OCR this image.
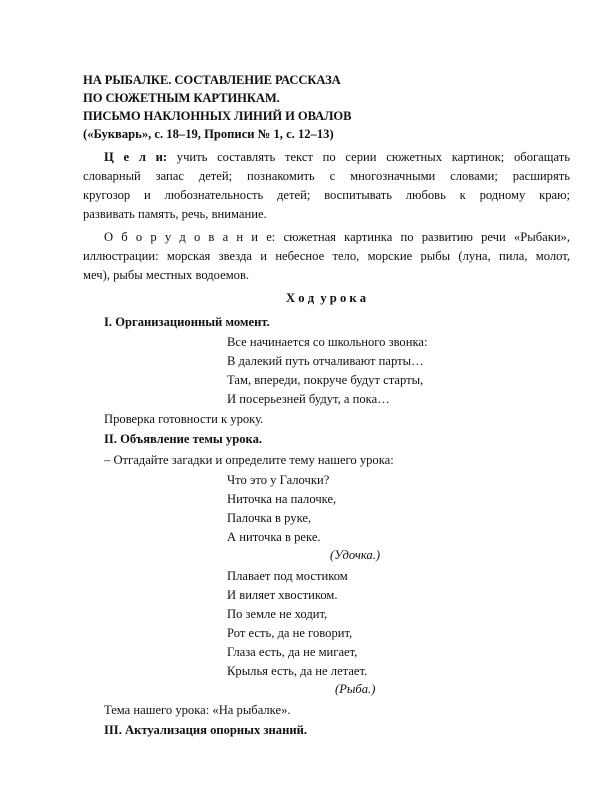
НА РЫБАЛКЕ. СОСТАВЛЕНИЕ РАССКАЗА
ПО СЮЖЕТНЫМ КАРТИНКАМ.
ПИСЬМО НАКЛОННЫХ ЛИНИЙ И ОВАЛОВ
(«Букварь», с. 18–19, Прописи № 1, с. 12–13)
Ц е л и: учить составлять текст по серии сюжетных картинок; обогащать
словарный запас детей; познакомить с многозначными словами; расширять
кругозор и любознательность детей; воспитывать любовь к родному краю;
развивать память, речь, внимание.
О б о р у д о в а н и е: сюжетная картинка по развитию речи «Рыбаки»,
иллюстрации: морская звезда и небесное тело, морские рыбы (луна, пила, молот,
меч), рыбы местных водоемов.
Х о д  у р о к а
I. Организационный момент.
Все начинается со школьного звонка:
В далекий путь отчаливают парты…
Там, впереди, покруче будут старты,
И посерьезней будут, а пока…
Проверка готовности к уроку.
II. Объявление темы урока.
– Отгадайте загадки и определите тему нашего урока:
Что это у Галочки?
Ниточка на палочке,
Палочка в руке,
А ниточка в реке.
(Удочка.)
Плавает под мостиком
И виляет хвостиком.
По земле не ходит,
Рот есть, да не говорит,
Глаза есть, да не мигает,
Крылья есть, да не летает.
(Рыба.)
Тема нашего урока: «На рыбалке».
III. Актуализация опорных знаний.
